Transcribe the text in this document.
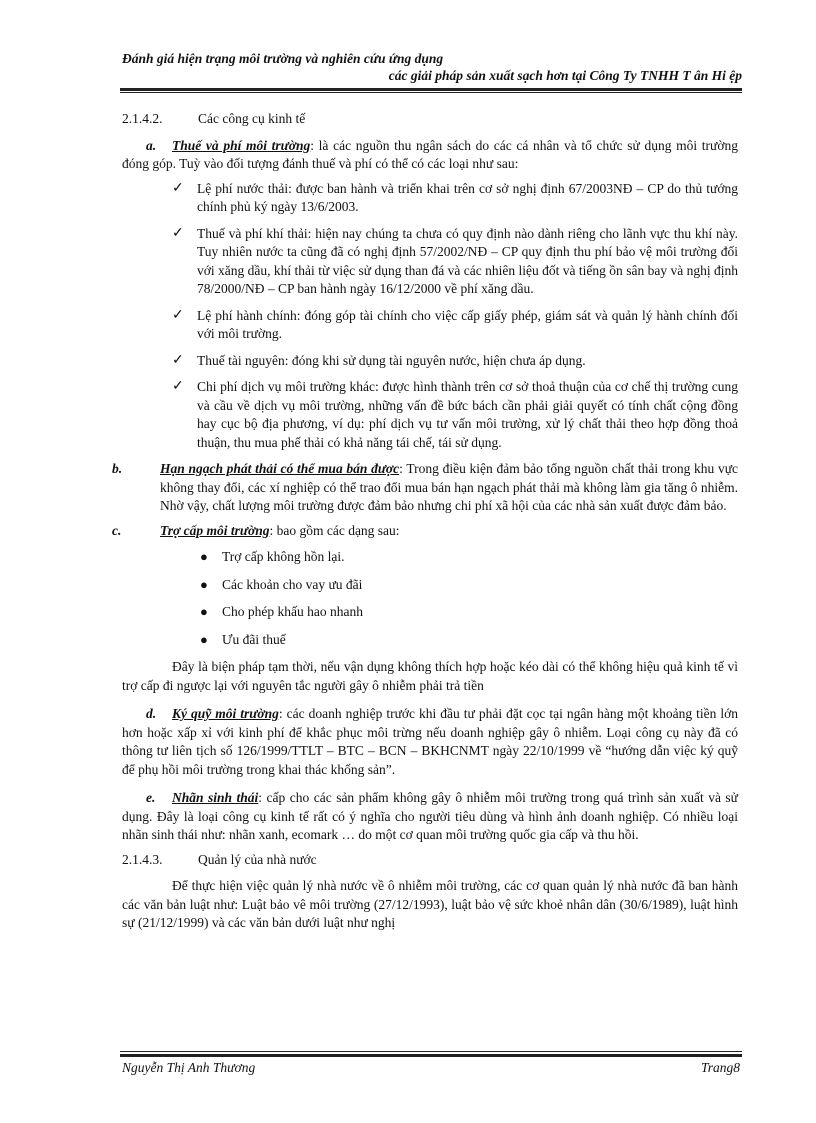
Đánh giá hiện trạng môi trường và nghiên cứu ứng dụng
các giải pháp sản xuất sạch hơn tại Công Ty TNHH T ân Hi ệp

2.1.4.2.	Các công cụ kinh tế

a. Thuế và phí môi trường: là các nguồn thu ngân sách do các cá nhân và tổ chức sử dụng môi trường đóng góp. Tuỳ vào đối tượng đánh thuế và phí có thể có các loại như sau:

✓ Lệ phí nước thải: được ban hành và triển khai trên cơ sở nghị định 67/2003NĐ – CP do thủ tướng chính phủ ký ngày 13/6/2003.
✓ Thuế và phí khí thải: hiện nay chúng ta chưa có quy định nào dành riêng cho lãnh vực thu khí này. Tuy nhiên nước ta cũng đã có nghị định 57/2002/NĐ – CP quy định thu phí bảo vệ môi trường đối với xăng dầu, khí thải từ việc sử dụng than đá và các nhiên liệu đốt và tiếng ồn sân bay và nghị định 78/2000/NĐ – CP ban hành ngày 16/12/2000 về phí xăng dầu.
✓ Lệ phí hành chính: đóng góp tài chính cho việc cấp giấy phép, giám sát và quản lý hành chính đối với môi trường.
✓ Thuế tài nguyên: đóng khi sử dụng tài nguyên nước, hiện chưa áp dụng.
✓ Chi phí dịch vụ môi trường khác: được hình thành trên cơ sở thoả thuận của cơ chế thị trường cung và cầu về dịch vụ môi trường, những vấn đề bức bách cần phải giải quyết có tính chất cộng đồng hay cục bộ địa phương, ví dụ: phí dịch vụ tư vấn môi trường, xử lý chất thải theo hợp đồng thoả thuận, thu mua phế thải có khả năng tái chế, tái sử dụng.

b.	Hạn ngạch phát thải có thể mua bán được: Trong điều kiện đảm bảo tổng nguồn chất thải trong khu vực không thay đổi, các xí nghiệp có thể trao đổi mua bán hạn ngạch phát thải mà không làm gia tăng ô nhiễm. Nhờ vậy, chất lượng môi trường được đảm bảo nhưng chi phí xã hội của các nhà sản xuất được đảm bảo.

c.	Trợ cấp môi trường: bao gồm các dạng sau:

● Trợ cấp không hồn lại.
● Các khoản cho vay ưu đãi
● Cho phép khấu hao nhanh
● Ưu đãi thuế

Đây là biện pháp tạm thời, nếu vận dụng không thích hợp hoặc kéo dài có thể không hiệu quả kinh tế vì trợ cấp đi ngược lại với nguyên tắc người gây ô nhiễm phải trả tiền

d. Ký quỹ môi trường: các doanh nghiệp trước khi đầu tư phải đặt cọc tại ngân hàng một khoảng tiền lớn hơn hoặc xấp xỉ với kinh phí để khắc phục môi trừng nếu doanh nghiệp gây ô nhiễm. Loại công cụ này đã có thông tư liên tịch số 126/1999/TTLT – BTC – BCN – BKHCNMT ngày 22/10/1999 về “hướng dẫn việc ký quỹ để phụ hồi môi trường trong khai thác khống sản”.

e. Nhãn sinh thái: cấp cho các sản phẩm không gây ô nhiễm môi trường trong quá trình sản xuất và sử dụng. Đây là loại công cụ kinh tế rất có ý nghĩa cho người tiêu dùng và hình ảnh doanh nghiệp. Có nhiều loại nhãn sinh thái như: nhãn xanh, ecomark … do một cơ quan môi trường quốc gia cấp và thu hồi.

2.1.4.3.	Quản lý của nhà nước

Để thực hiện việc quản lý nhà nước về ô nhiễm môi trường, các cơ quan quản lý nhà nước đã ban hành các văn bản luật như: Luật bảo vê môi trường (27/12/1993), luật bảo vệ sức khoẻ nhân dân (30/6/1989), luật hình sự (21/12/1999) và các văn bản dưới luật như nghị

Nguyễn Thị Anh Thương	Trang8
